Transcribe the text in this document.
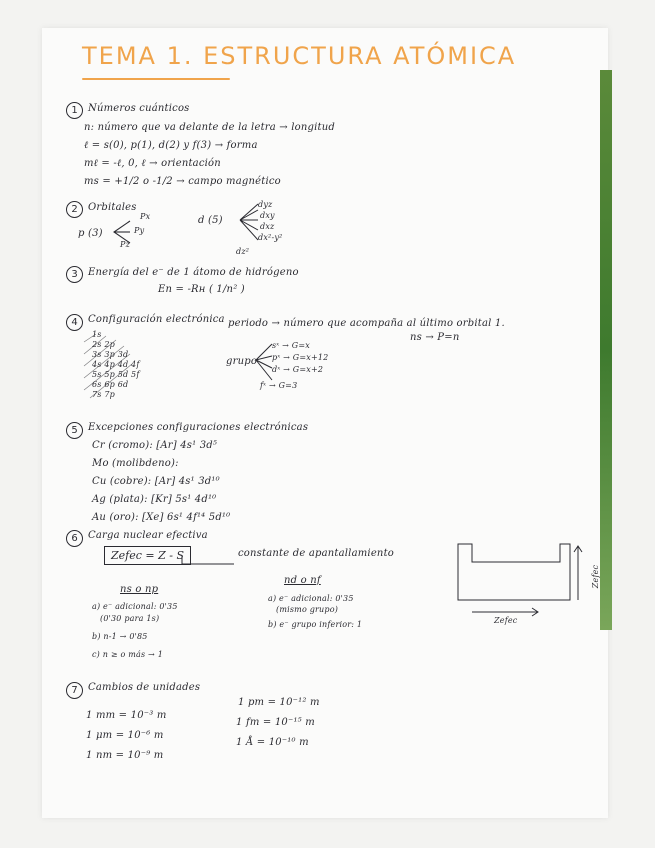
TEMA 1. ESTRUCTURA ATÓMICA
1	Números cuánticos
n: número que va delante de la letra → longitud
ℓ = s(0), p(1), d(2) y f(3) → forma
mℓ = -ℓ, 0, ℓ → orientación
ms = +1/2 o -1/2 → campo magnético
2	Orbitales
p (3)
Px
Py
Pz
d (5)
dyz
dxy
dxz
dx²-y²
dz²
3	Energía del e⁻ de 1 átomo de hidrógeno
En = -Rн ( 1/n² )
4	Configuración electrónica
1s
2s 2p
3s 3p 3d
4s 4p 4d 4f
5s 5p 5d 5f
6s 6p 6d
7s 7p
periodo → número que acompaña al último orbital 1.
ns → P=n
grupo
sˣ → G=x
pˣ → G=x+12
dˣ → G=x+2
fˣ → G=3
5	Excepciones configuraciones electrónicas
Cr (cromo): [Ar] 4s¹ 3d⁵
Mo (molibdeno):
Cu (cobre): [Ar] 4s¹ 3d¹⁰
Ag (plata): [Kr] 5s¹ 4d¹⁰
Au (oro): [Xe] 6s¹ 4f¹⁴ 5d¹⁰
6	Carga nuclear efectiva
Zefec = Z - S	constante de apantallamiento
ns o np
a) e⁻ adicional: 0'35
(0'30 para 1s)
b) n-1 → 0'85
c) n ≥ o más → 1
nd o nf
a) e⁻ adicional: 0'35
(mismo grupo)
b) e⁻ grupo inferior: 1	Zefec
Zefec
7	Cambios de unidades
1 mm = 10⁻³ m
1 μm = 10⁻⁶ m
1 nm = 10⁻⁹ m
1 pm = 10⁻¹² m
1 fm = 10⁻¹⁵ m
1 Å = 10⁻¹⁰ m
